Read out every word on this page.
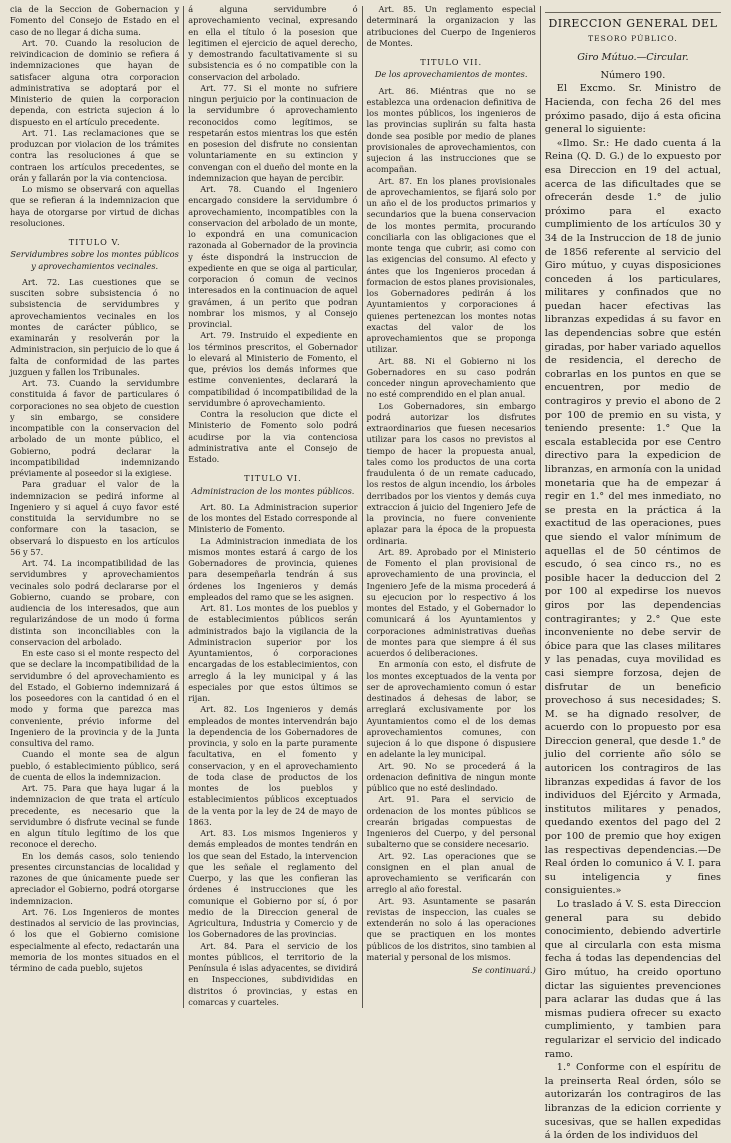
cia de la Seccion de Gobernacion y Fomento del Consejo de Estado en el caso de no llegar á dicha suma.

Art. 70. Cuando la resolucion de reivindicacion de dominio se refiera á indemnizaciones que hayan de satisfacer alguna otra corporacion administrativa se adoptará por el Ministerio de quien la corporacion dependa, con estricta sujecion á lo dispuesto en el artículo precedente.

Art. 71. Las reclamaciones que se produzcan por violacion de los trámites contra las resoluciones á que se contraen los artículos precedentes, se orán y fallarán por la via contenciosa.

Lo mismo se observará con aquellas que se refieran á la indemnizacion que haya de otorgarse por virtud de dichas resoluciones.

TITULO V.

Servidumbres sobre los montes públicos y aprovechamientos vecinales.

Art. 72. Las cuestiones que se susciten sobre subsistencia ó no subsistencia de servidumbres y aprovechamientos vecinales en los montes de carácter público, se examinarán y resolverán por la Administracion, sin perjuicio de lo que á falta de conformidad de las partes juzguen y fallen los Tribunales.

Art. 73. Cuando la servidumbre constituida á favor de particulares ó corporaciones no sea objeto de cuestion y sin embargo, se considere incompatible con la conservacion del arbolado de un monte público, el Gobierno, podrá declarar la incompatibilidad indemnizando préviamente al poseedor si la exigiese.

Para graduar el valor de la indemnizacion se pedirá informe al Ingeniero y si aquel á cuyo favor esté constituida la servidumbre no se conformare con la tasacion, se observará lo dispuesto en los artículos 56 y 57.

Art. 74. La incompatibilidad de las servidumbres y aprovechamientos vecinales solo podrá declararse por el Gobierno, cuando se probare, con audiencia de los interesados, que aun regularizándose de un modo ú forma distinta son inconciliables con la conservacion del arbolado.

En este caso si el monte respecto del que se declare la incompatibilidad de la servidumbre ó del aprovechamiento es del Estado, el Gobierno indemnizará á los poseedores con la cantidad ó en el modo y forma que parezca mas conveniente, prévio informe del Ingeniero de la provincia y de la Junta consultiva del ramo.

Cuando el monte sea de algun pueblo, ó establecimiento público, será de cuenta de ellos la indemnizacion.

Art. 75. Para que haya lugar á la indemnizacion de que trata el artículo precedente, es necesario que la servidumbre ó disfrute vecinal se funde en algun título legítimo de los que reconoce el derecho.

En los demás casos, solo teniendo presentes circunstancias de localidad y razones de que únicamente puede ser apreciador el Gobierno, podrá otorgarse indemnizacion.

Art. 76. Los Ingenieros de montes destinados al servicio de las provincias, ó los que el Gobierno comisione especialmente al efecto, redactarán una memoria de los montes situados en el término de cada pueblo, sujetos

á alguna servidumbre ó aprovechamiento vecinal, expresando en ella el título ó la posesion que legitimen el ejercicio de aquel derecho, y demostrando facultativamente si su subsistencia es ó no compatible con la conservacion del arbolado.

Art. 77. Si el monte no sufriere ningun perjuicio por la continuacion de la servidumbre ó aprovechamiento reconocidos como legítimos, se respetarán estos mientras los que estén en posesion del disfrute no consientan voluntariamente en su extincion y convengan con el dueño del monte en la indemnizacion que hayan de percibir.

Art. 78. Cuando el Ingeniero encargado considere la servidumbre ó aprovechamiento, incompatibles con la conservacion del arbolado de un monte, lo expondrá en una comunicacion razonada al Gobernador de la provincia y éste dispondrá la instruccion de expediente en que se oiga al particular, corporacion ó comun de vecinos interesados en la continuacion de aquel gravámen, á un perito que podran nombrar los mismos, y al Consejo provincial.

Art. 79. Instruido el expediente en los términos prescritos, el Gobernador lo elevará al Ministerio de Fomento, el que, prévios los demás informes que estime convenientes, declarará la compatibilidad ó incompatibilidad de la servidumbre ó aprovechamiento.

Contra la resolucion que dicte el Ministerio de Fomento solo podrá acudirse por la via contenciosa administrativa ante el Consejo de Estado.

TITULO VI.

Administracion de los montes públicos.

Art. 80. La Administracion superior de los montes del Estado corresponde al Ministerio de Fomento.

La Administracion inmediata de los mismos montes estará á cargo de los Gobernadores de provincia, quienes para desempeñarla tendrán á sus órdenes los Ingenieros y demás empleados del ramo que se les asignen.

Art. 81. Los montes de los pueblos y de establecimientos públicos serán administrados bajo la vigilancia de la Administracion superior por los Ayuntamientos, ó corporaciones encargadas de los establecimientos, con arreglo á la ley municipal y á las especiales por que estos últimos se rijan.

Art. 82. Los Ingenieros y demás empleados de montes intervendrán bajo la dependencia de los Gobernadores de provincia, y solo en la parte puramente facultativa, en el fomento y conservacion, y en el aprovechamiento de toda clase de productos de los montes de los pueblos y establecimientos públicos exceptuados de la venta por la ley de 24 de mayo de 1863.

Art. 83. Los mismos Ingenieros y demás empleados de montes tendrán en los que sean del Estado, la intervencion que les señale el reglamento del Cuerpo, y las que les confieran las órdenes é instrucciones que les comunique el Gobierno por sí, ó por medio de la Direccion general de Agricultura, Industria y Comercio y de los Gobernadores de las provincias.

Art. 84. Para el servicio de los montes públicos, el territorio de la Península é islas adyacentes, se dividirá en Inspecciones, subdivididas en distritos ó provincias, y estas en comarcas y cuarteles.

Art. 85. Un reglamento especial determinará la organizacion y las atribuciones del Cuerpo de Ingenieros de Montes.

TITULO VII.

De los aprovechamientos de montes.

Art. 86. Miéntras que no se establezca una ordenacion definitiva de los montes públicos, los ingenieros de las provincias suplirán su falta hasta donde sea posible por medio de planes provisionales de aprovechamientos, con sujecion á las instrucciones que se acompañan.

Art. 87. En los planes provisionales de aprovechamientos, se fijará solo por un año el de los productos primarios y secundarios que la buena conservacion de los montes permita, procurando conciliarla con las obligaciones que el monte tenga que cubrir, asi como con las exigencias del consumo. Al efecto y ántes que los Ingenieros procedan á formacion de estos planes provisionales, los Gobernadores pedirán á los Ayuntamientos y corporaciones á quienes pertenezcan los montes notas exactas del valor de los aprovechamientos que se proponga utilizar.

Art. 88. Ni el Gobierno ni los Gobernadores en su caso podrán conceder ningun aprovechamiento que no esté comprendido en el plan anual.

Los Gobernadores, sin embargo podrá autorizar los disfrutes extraordinarios que fuesen necesarios utilizar para los casos no previstos al tiempo de hacer la propuesta anual, tales como los productos de una corta fraudulenta ó de un remate caducado, los restos de algun incendio, los árboles derribados por los vientos y demás cuya extraccion á juicio del Ingeniero Jefe de la provincia, no fuere conveniente aplazar para la época de la propuesta ordinaria.

Art. 89. Aprobado por el Ministerio de Fomento el plan provisional de aprovechamiento de una provincia, el Ingeniero Jefe de la misma procederá á su ejecucion por lo respectivo á los montes del Estado, y el Gobernador lo comunicará á los Ayuntamientos y corporaciones administrativas dueñas de montes para que siempre á él sus acuerdos ó deliberaciones.

En armonía con esto, el disfrute de los montes exceptuados de la venta por ser de aprovechamiento comun ó estar destinados á dehesas de labor, se arreglará exclusivamente por los Ayuntamientos como el de los demas aprovechamientos comunes, con sujecion á lo que dispone ó dispusiere en adelante la ley municipal.

Art. 90. No se procederá á la ordenacion definitiva de ningun monte público que no esté deslindado.

Art. 91. Para el servicio de ordenacion de los montes públicos se crearán brigadas compuestas de Ingenieros del Cuerpo, y del personal subalterno que se considere necesario.

Art. 92. Las operaciones que se consignen en el plan anual de aprovechamiento se verificarán con arreglo al año forestal.

Art. 93. Asuntamente se pasarán revistas de inspeccion, las cuales se extenderán no solo á las operaciones que se practiquen en los montes públicos de los distritos, sino tambien al material y personal de los mismos.

Se continuará.)

DIRECCION GENERAL DEL

TESORO PÚBLICO.

Giro Mútuo.—Circular.

Número 190.

El Excmo. Sr. Ministro de Hacienda, con fecha 26 del mes próximo pasado, dijo á esta oficina general lo siguiente:

«Ilmo. Sr.: He dado cuenta á la Reina (Q. D. G.) de lo expuesto por esa Direccion en 19 del actual, acerca de las dificultades que se ofrecerán desde 1.° de julio próximo para el exacto cumplimiento de los artículos 30 y 34 de la Instruccion de 18 de junio de 1856 referente al servicio del Giro mútuo, y cuyas disposiciones conceden á los particulares, militares y confinados que no puedan hacer efectivas las libranzas expedidas á su favor en las dependencias sobre que estén giradas, por haber variado aquellos de residencia, el derecho de cobrarlas en los puntos en que se encuentren, por medio de contragiros y previo el abono de 2 por 100 de premio en su vista, y teniendo presente: 1.° Que la escala establecida por ese Centro directivo para la expedicion de libranzas, en armonía con la unidad monetaria que ha de empezar á regir en 1.° del mes inmediato, no se presta en la práctica á la exactitud de las operaciones, pues que siendo el valor mínimum de aquellas el de 50 céntimos de escudo, ó sea cinco rs., no es posible hacer la deduccion del 2 por 100 al expedirse los nuevos giros por las dependencias contragirantes; y 2.° Que este inconveniente no debe servir de óbice para que las clases militares y las penadas, cuya movilidad es casi siempre forzosa, dejen de disfrutar de un beneficio provechoso á sus necesidades; S. M. se ha dignado resolver, de acuerdo con lo propuesto por esa Direccion general, que desde 1.° de julio del corriente año sólo se autoricen los contragiros de las libranzas expedidas á favor de los individuos del Ejército y Armada, institutos militares y penados, quedando exentos del pago del 2 por 100 de premio que hoy exigen las respectivas dependencias.—De Real órden lo comunico á V. I. para su inteligencia y fines consiguientes.»

Lo traslado á V. S. esta Direccion general para su debido conocimiento, debiendo advertirle que al circularla con esta misma fecha á todas las dependencias del Giro mútuo, ha creido oportuno dictar las siguientes prevenciones para aclarar las dudas que á las mismas pudiera ofrecer su exacto cumplimiento, y tambien para regularizar el servicio del indicado ramo.

1.° Conforme con el espíritu de la preinserta Real órden, sólo se autorizarán los contragiros de las libranzas de la edicion corriente y sucesivas, que se hallen expedidas á la órden de los individuos del
